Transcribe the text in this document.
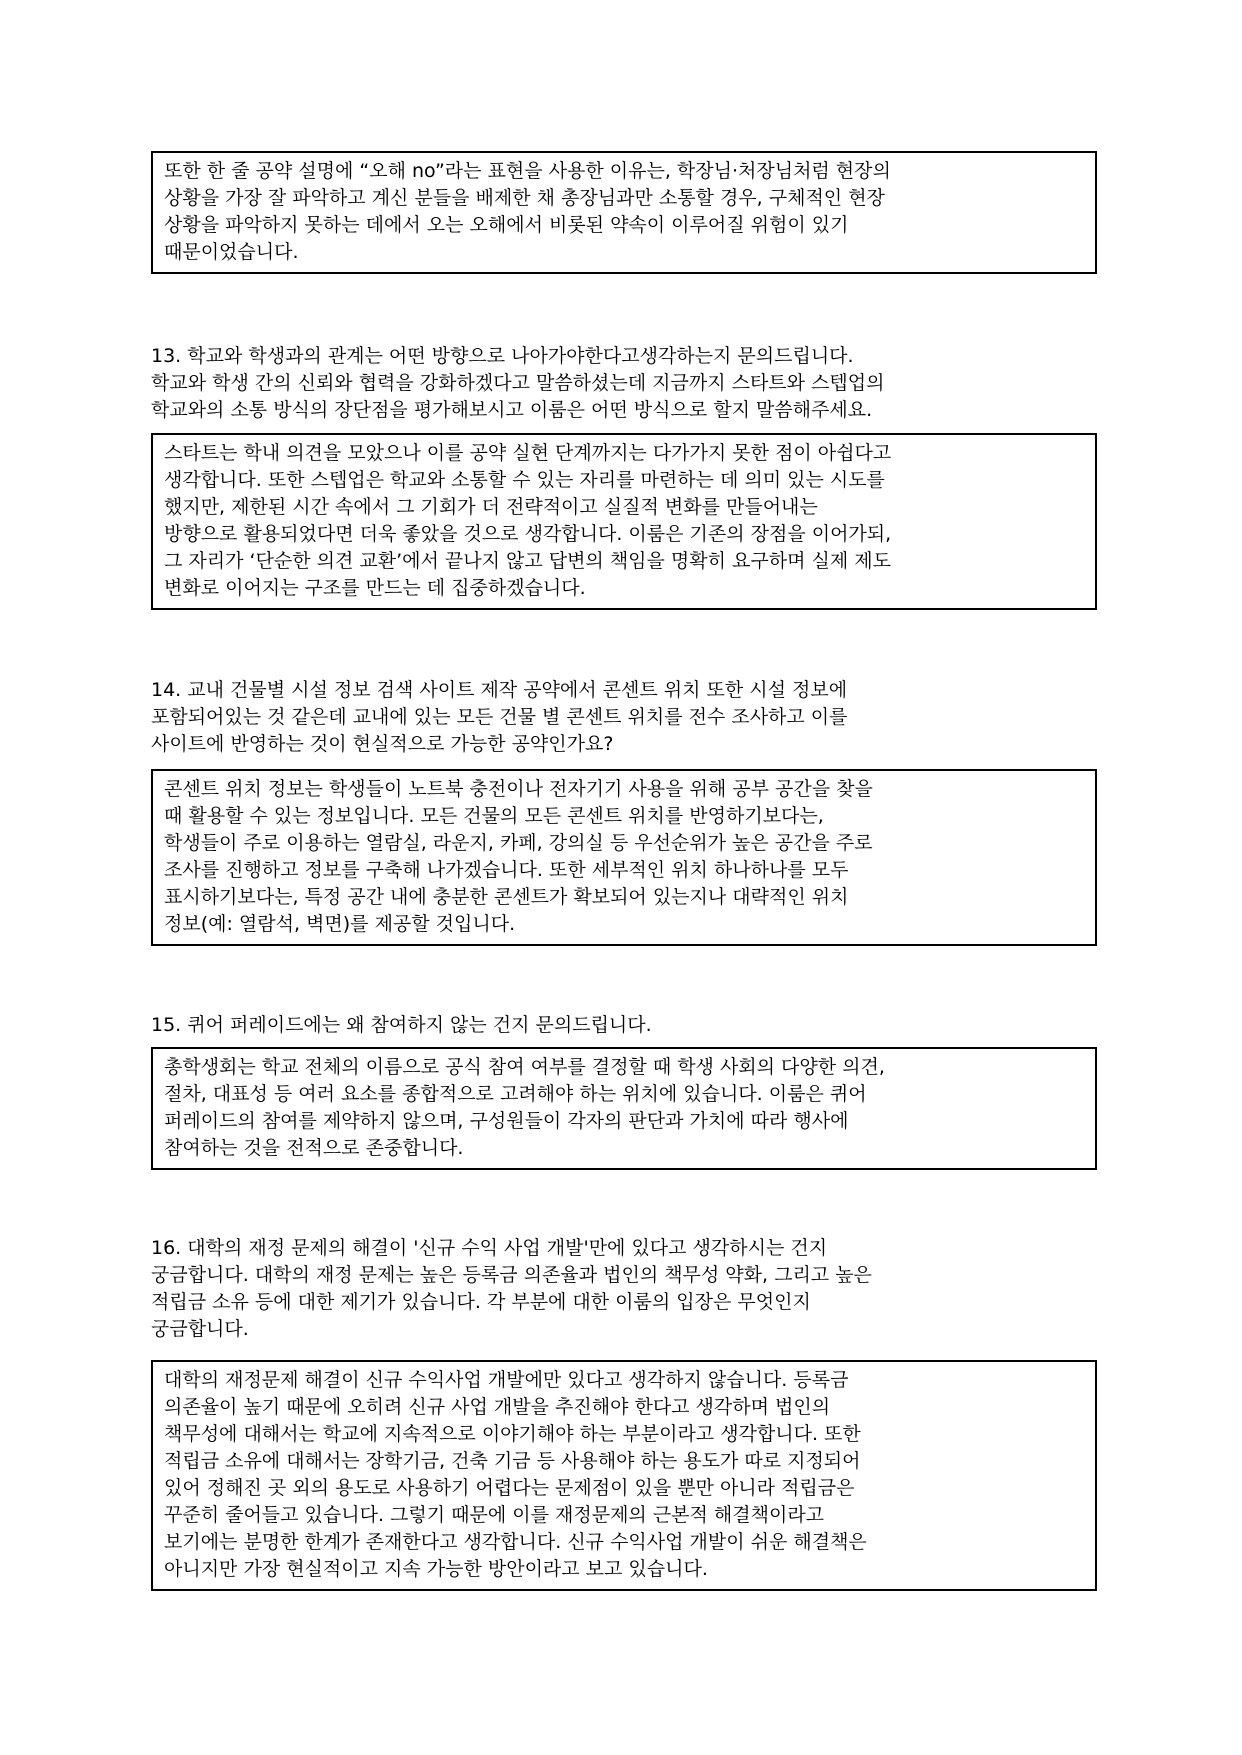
또한 한 줄 공약 설명에 “오해 no”라는 표현을 사용한 이유는, 학장님·처장님처럼 현장의
상황을 가장 잘 파악하고 계신 분들을 배제한 채 총장님과만 소통할 경우, 구체적인 현장
상황을 파악하지 못하는 데에서 오는 오해에서 비롯된 약속이 이루어질 위험이 있기
때문이었습니다.
13. 학교와 학생과의 관계는 어떤 방향으로 나아가야한다고생각하는지 문의드립니다.
학교와 학생 간의 신뢰와 협력을 강화하겠다고 말씀하셨는데 지금까지 스타트와 스텝업의
학교와의 소통 방식의 장단점을 평가해보시고 이룸은 어떤 방식으로 할지 말씀해주세요.
스타트는 학내 의견을 모았으나 이를 공약 실현 단계까지는 다가가지 못한 점이 아쉽다고
생각합니다. 또한 스텝업은 학교와 소통할 수 있는 자리를 마련하는 데 의미 있는 시도를
했지만, 제한된 시간 속에서 그 기회가 더 전략적이고 실질적 변화를 만들어내는
방향으로 활용되었다면 더욱 좋았을 것으로 생각합니다. 이룸은 기존의 장점을 이어가되,
그 자리가 ‘단순한 의견 교환’에서 끝나지 않고 답변의 책임을 명확히 요구하며 실제 제도
변화로 이어지는 구조를 만드는 데 집중하겠습니다.
14. 교내 건물별 시설 정보 검색 사이트 제작 공약에서 콘센트 위치 또한 시설 정보에
포함되어있는 것 같은데 교내에 있는 모든 건물 별 콘센트 위치를 전수 조사하고 이를
사이트에 반영하는 것이 현실적으로 가능한 공약인가요?
콘센트 위치 정보는 학생들이 노트북 충전이나 전자기기 사용을 위해 공부 공간을 찾을
때 활용할 수 있는 정보입니다. 모든 건물의 모든 콘센트 위치를 반영하기보다는,
학생들이 주로 이용하는 열람실, 라운지, 카페, 강의실 등 우선순위가 높은 공간을 주로
조사를 진행하고 정보를 구축해 나가겠습니다. 또한 세부적인 위치 하나하나를 모두
표시하기보다는, 특정 공간 내에 충분한 콘센트가 확보되어 있는지나 대략적인 위치
정보(예: 열람석, 벽면)를 제공할 것입니다.
15. 퀴어 퍼레이드에는 왜 참여하지 않는 건지 문의드립니다.
총학생회는 학교 전체의 이름으로 공식 참여 여부를 결정할 때 학생 사회의 다양한 의견,
절차, 대표성 등 여러 요소를 종합적으로 고려해야 하는 위치에 있습니다. 이룸은 퀴어
퍼레이드의 참여를 제약하지 않으며, 구성원들이 각자의 판단과 가치에 따라 행사에
참여하는 것을 전적으로 존중합니다.
16. 대학의 재정 문제의 해결이 '신규 수익 사업 개발'만에 있다고 생각하시는 건지
궁금합니다. 대학의 재정 문제는 높은 등록금 의존율과 법인의 책무성 약화, 그리고 높은
적립금 소유 등에 대한 제기가 있습니다. 각 부분에 대한 이룸의 입장은 무엇인지
궁금합니다.
대학의 재정문제 해결이 신규 수익사업 개발에만 있다고 생각하지 않습니다. 등록금
의존율이 높기 때문에 오히려 신규 사업 개발을 추진해야 한다고 생각하며 법인의
책무성에 대해서는 학교에 지속적으로 이야기해야 하는 부분이라고 생각합니다. 또한
적립금 소유에 대해서는 장학기금, 건축 기금 등 사용해야 하는 용도가 따로 지정되어
있어 정해진 곳 외의 용도로 사용하기 어렵다는 문제점이 있을 뿐만 아니라 적립금은
꾸준히 줄어들고 있습니다. 그렇기 때문에 이를 재정문제의 근본적 해결책이라고
보기에는 분명한 한계가 존재한다고 생각합니다. 신규 수익사업 개발이 쉬운 해결책은
아니지만 가장 현실적이고 지속 가능한 방안이라고 보고 있습니다.
